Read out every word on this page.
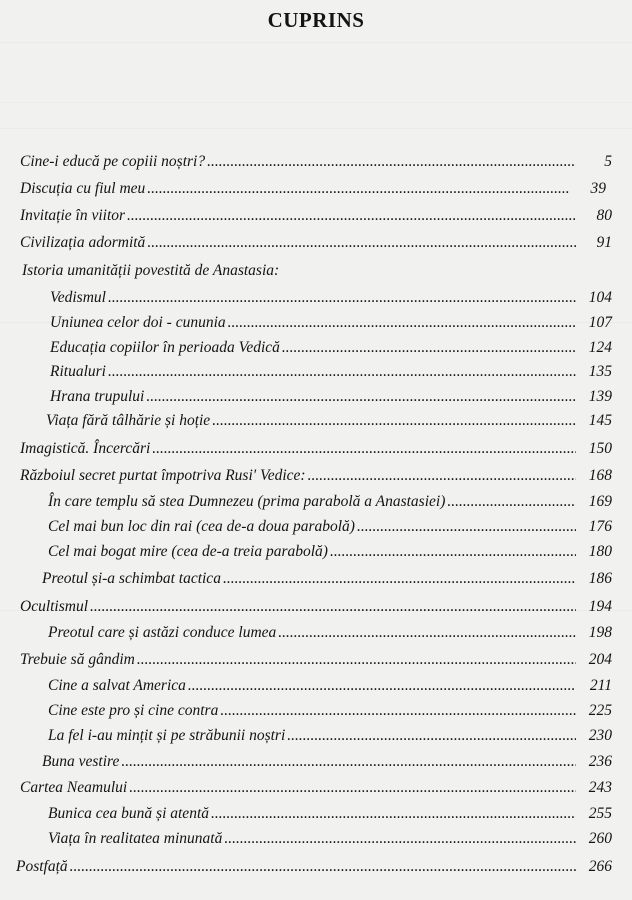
CUPRINS
Cine-i educă pe copiii noștri? .....	5
Discuția cu fiul meu .....	39
Invitație în viitor .....	80
Civilizația adormită .....	91
Istoria umanității povestită de Anastasia:
Vedismul .....	104
Uniunea celor doi - cununia .....	107
Educația copiilor în perioada Vedică .....	124
Ritualuri .....	135
Hrana trupului .....	139
Viața fără tâlhărie și hoție .....	145
Imagistică. Încercări .....	150
Războiul secret purtat împotriva Rusi' Vedice: .....	168
În care templu să stea Dumnezeu (prima parabolă a Anastasiei) .....	169
Cel mai bun loc din rai (cea de-a doua parabolă) .....	176
Cel mai bogat mire (cea de-a treia parabolă) .....	180
Preotul și-a schimbat tactica .....	186
Ocultismul .....	194
Preotul care și astăzi conduce lumea .....	198
Trebuie să gândim .....	204
Cine a salvat America .....	211
Cine este pro și cine contra .....	225
La fel i-au mințit și pe străbunii noștri .....	230
Buna vestire .....	236
Cartea Neamului .....	243
Bunica cea bună și atentă .....	255
Viața în realitatea minunată .....	260
Postfață .....	266
